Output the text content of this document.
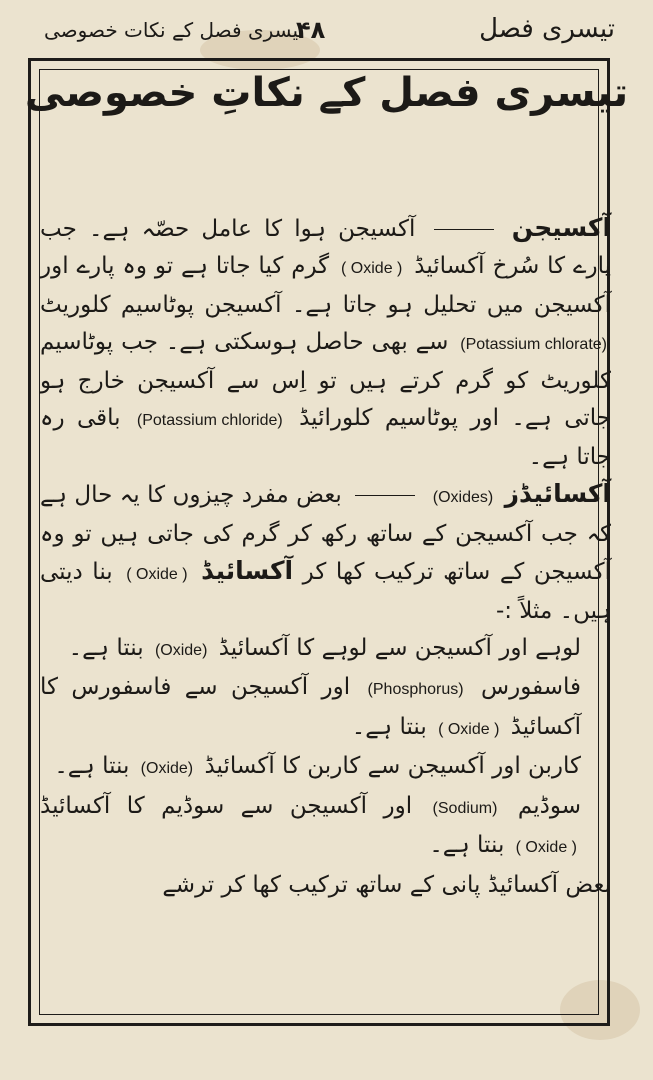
تیسری فصل کے نکات خصوصی
۴۸	تیسری فصل
تیسری فصل کے نکاتِ خصوصی

آکسیجن  آکسیجن ہوا کا عامل حصّہ ہے۔ جب پارے کا سُرخ آکسائیڈ ( Oxide ) گرم کیا جاتا ہے تو وہ پارے اور آکسیجن میں تحلیل ہو جاتا ہے۔ آکسیجن پوٹاسیم کلوریٹ (Potassium chlorate) سے بھی حاصل ہوسکتی ہے۔ جب پوٹاسیم کلوریٹ کو گرم کرتے ہیں تو اِس سے آکسیجن خارج ہو جاتی ہے۔ اور پوٹاسیم کلورائیڈ (Potassium chloride) باقی رہ جاتا ہے۔

آکسائیڈز (Oxides)  بعض مفرد چیزوں کا یہ حال ہے کہ جب آکسیجن کے ساتھ رکھ کر گرم کی جاتی ہیں تو وہ آکسیجن کے ساتھ ترکیب کھا کر آکسائیڈ ( Oxide ) بنا دیتی ہیں۔ مثلاً :-

لوہے اور آکسیجن سے لوہے کا آکسائیڈ (Oxide) بنتا ہے۔

فاسفورس (Phosphorus) اور آکسیجن سے فاسفورس کا آکسائیڈ ( Oxide ) بنتا ہے۔

کاربن اور آکسیجن سے کاربن کا آکسائیڈ (Oxide) بنتا ہے۔

سوڈیم (Sodium) اور آکسیجن سے سوڈیم کا آکسائیڈ ( Oxide ) بنتا ہے۔

بعض آکسائیڈ پانی کے ساتھ ترکیب کھا کر ترشے
